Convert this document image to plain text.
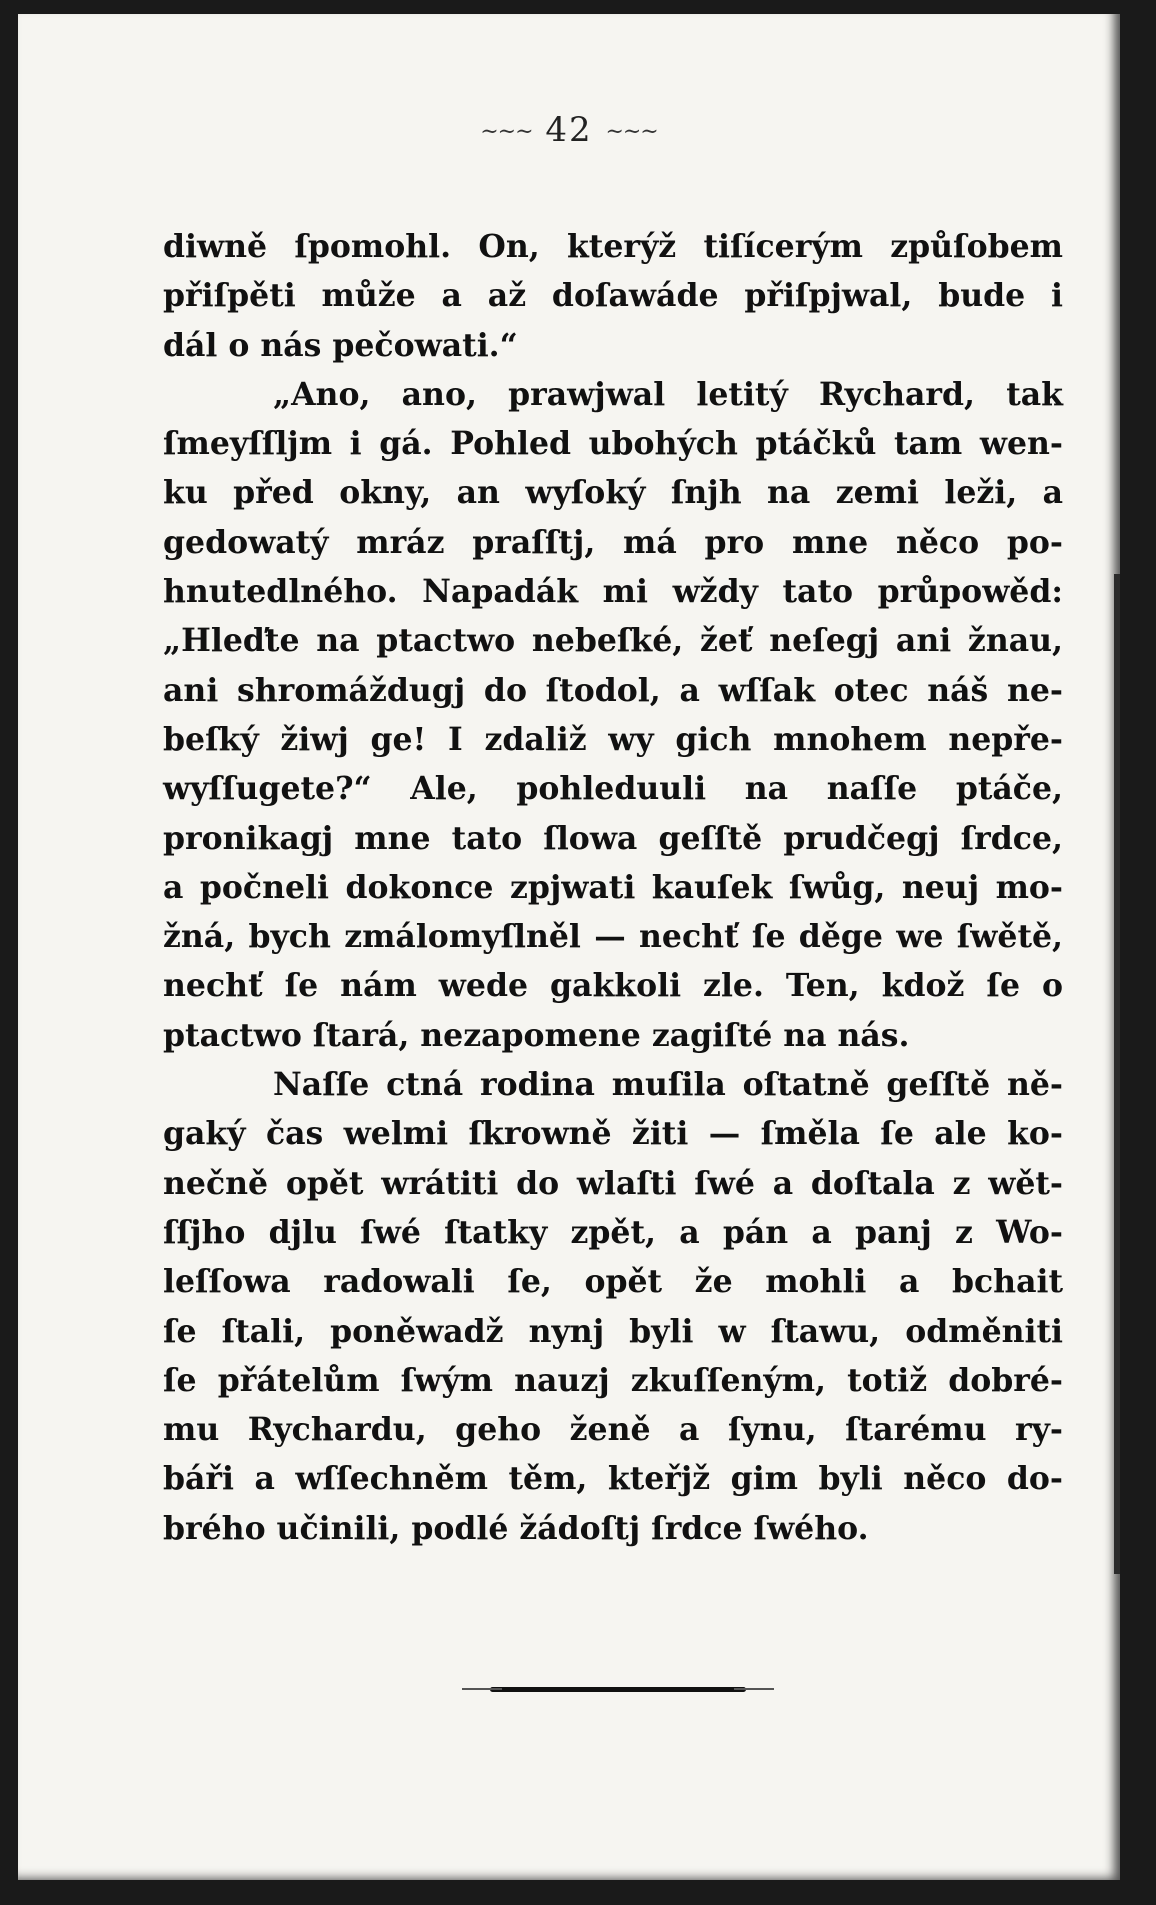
~~~ 42 ~~~
diwně ſpomohl. On, kterýž tiſícerým způſobem
přiſpěti může a až doſawáde přiſpjwal, bude i
dál o nás pečowati.“
„Ano, ano, prawjwal letitý Rychard, tak
ſmeyſſljm i gá. Pohled ubohých ptáčků tam wen-
ku před okny, an wyſoký ſnjh na zemi leži, a
gedowatý mráz praſſtj, má pro mne něco po-
hnutedlného. Napadák mi wždy tato průpowěd:
„Hleďte na ptactwo nebeſké, žeť neſegj ani žnau,
ani shromáždugj do ſtodol, a wſſak otec náš ne-
beſký žiwj ge! I zdaliž wy gich mnohem nepře-
wyſſugete?“ Ale, pohleduuli na naſſe ptáče,
pronikagj mne tato ſlowa geſſtě prudčegj ſrdce,
a počneli dokonce zpjwati kauſek ſwůg, neuj mo-
žná, bych zmálomyſlněl — nechť ſe děge we ſwětě,
nechť ſe nám wede gakkoli zle. Ten, kdož ſe o
ptactwo ſtará, nezapomene zagiſté na nás.
Naſſe ctná rodina muſila oſtatně geſſtě ně-
gaký čas welmi ſkrowně žiti — ſměla ſe ale ko-
nečně opět wrátiti do wlaſti ſwé a doſtala z wět-
ſſjho djlu ſwé ſtatky zpět, a pán a panj z Wo-
leſſowa radowali ſe, opět že mohli a bchait
ſe ſtali, poněwadž nynj byli w ſtawu, odměniti
ſe přátelům ſwým nauzj zkuſſeným, totiž dobré-
mu Rychardu, geho ženě a ſynu, ſtarému ry-
báři a wſſechněm těm, kteřjž gim byli něco do-
brého učinili, podlé žádoſtj ſrdce ſwého.
